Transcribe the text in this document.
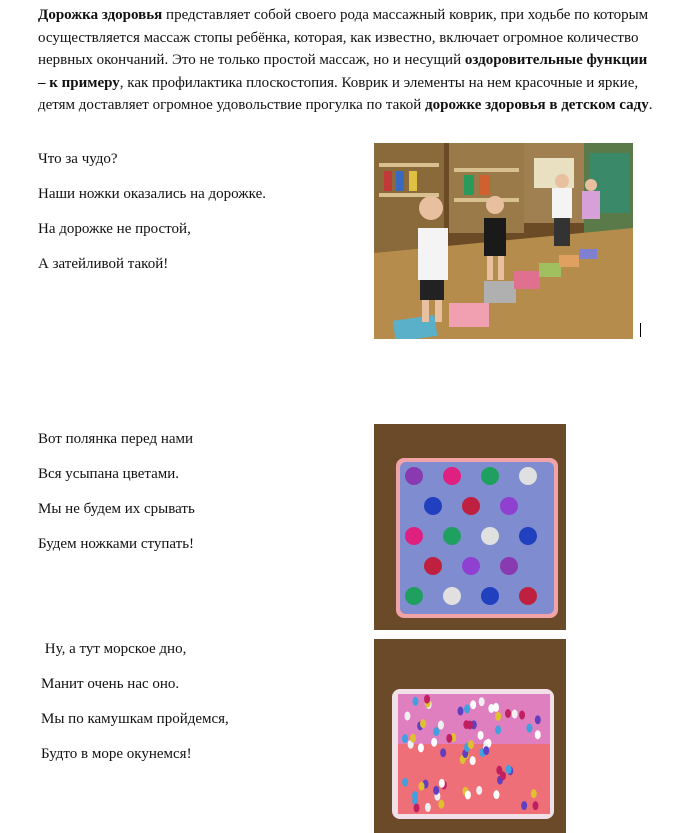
Дорожка здоровья представляет собой своего рода массажный коврик, при ходьбе по которым осуществляется массаж стопы ребёнка, которая, как известно, включает огромное количество нервных окончаний. Это не только простой массаж, но и несущий оздоровительные функции – к примеру, как профилактика плоскостопия. Коврик и элементы на нем красочные и яркие, детям доставляет огромное удовольствие прогулка по такой дорожке здоровья в детском саду.

Что за чудо?

Наши ножки оказались на дорожке.

На дорожке не простой,

А затейливой такой!

Вот полянка перед нами

Вся усыпана цветами.

Мы не будем их срывать

Будем ножками ступать!

Ну, а тут морское дно,

Манит очень нас оно.

Мы по камушкам пройдемся,

Будто в море окунемся!
